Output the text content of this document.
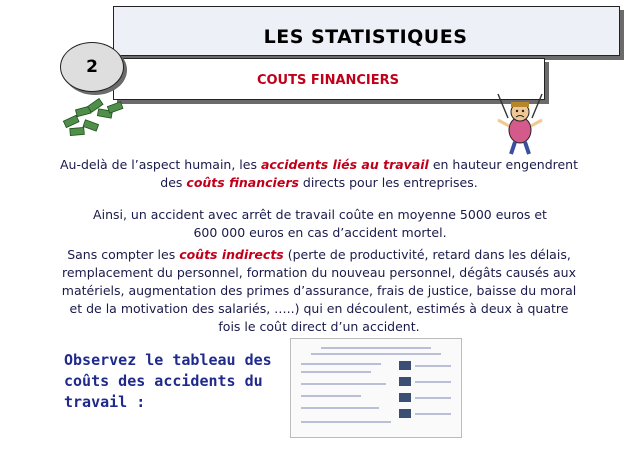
LES STATISTIQUES
COUTS FINANCIERS
2
Au-delà de l’aspect humain, les accidents liés au travail en hauteur engendrent des coûts financiers directs pour les entreprises.
Ainsi, un accident avec arrêt de travail coûte en moyenne 5000 euros et 600 000 euros en cas d’accident mortel.
Sans compter les coûts indirects (perte de productivité, retard dans les délais, remplacement du personnel, formation du nouveau personnel, dégâts causés aux matériels, augmentation des primes d’assurance, frais de justice, baisse du moral et de la motivation des salariés, …..) qui en découlent, estimés à deux à quatre fois le coût direct d’un accident.
Observez le tableau des coûts des accidents du travail :
